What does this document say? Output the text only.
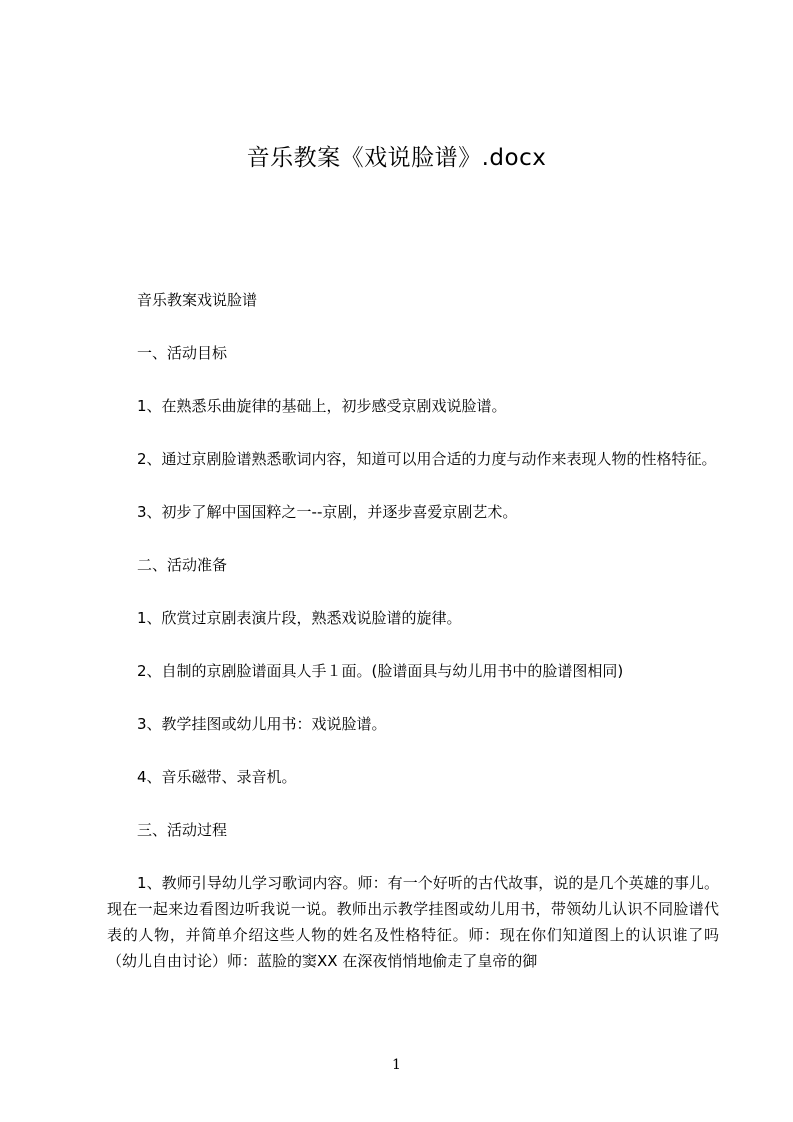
音乐教案《戏说脸谱》.docx

音乐教案戏说脸谱

一、活动目标

1、在熟悉乐曲旋律的基础上，初步感受京剧戏说脸谱。

2、通过京剧脸谱熟悉歌词内容，知道可以用合适的力度与动作来表现人物的性格特征。

3、初步了解中国国粹之一--京剧，并逐步喜爱京剧艺术。

二、活动准备

1、欣赏过京剧表演片段，熟悉戏说脸谱的旋律。

2、自制的京剧脸谱面具人手１面。(脸谱面具与幼儿用书中的脸谱图相同)

3、教学挂图或幼儿用书：戏说脸谱。

4、音乐磁带、录音机。

三、活动过程

1、教师引导幼儿学习歌词内容。师：有一个好听的古代故事，说的是几个英雄的事儿。现在一起来边看图边听我说一说。教师出示教学挂图或幼儿用书，带领幼儿认识不同脸谱代表的人物，并简单介绍这些人物的姓名及性格特征。师：现在你们知道图上的认识谁了吗（幼儿自由讨论）师：蓝脸的窦XX 在深夜悄悄地偷走了皇帝的御

1
